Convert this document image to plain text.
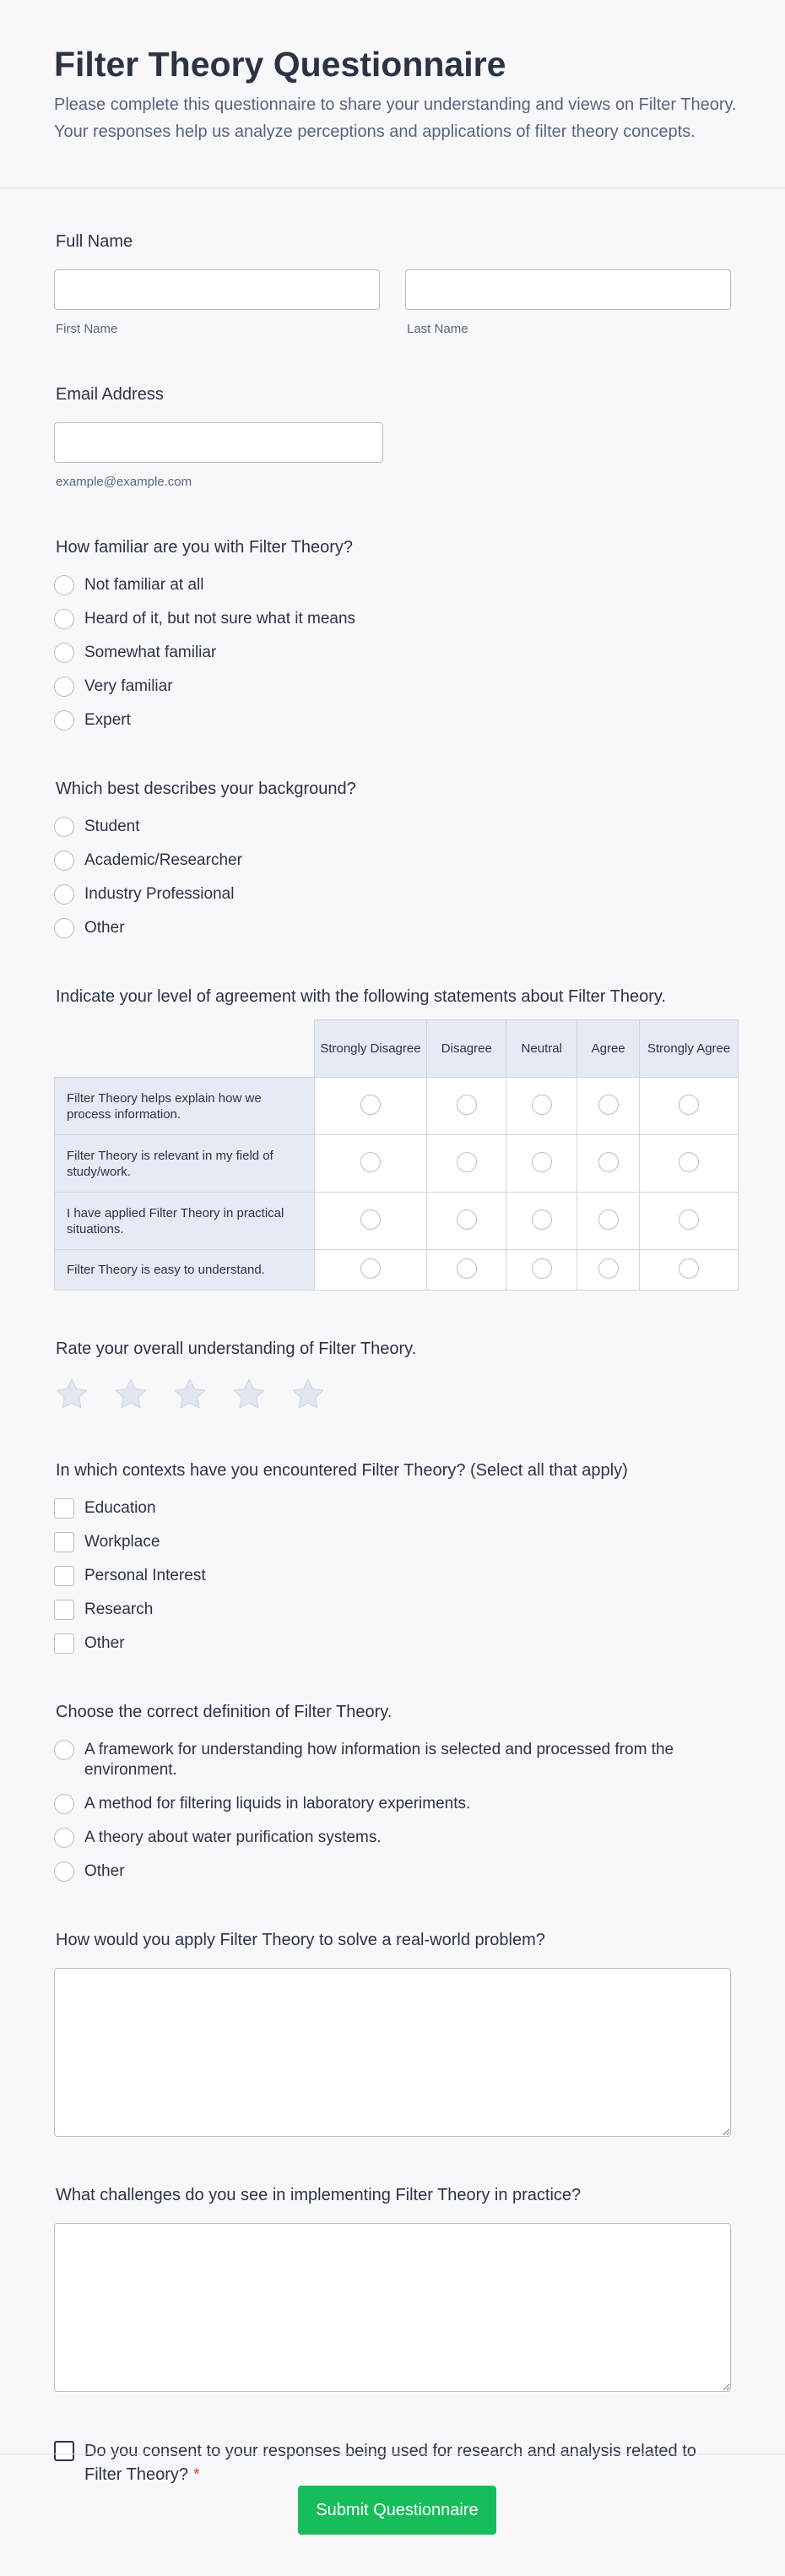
Filter Theory Questionnaire

Please complete this questionnaire to share your understanding and views on Filter Theory. Your responses help us analyze perceptions and applications of filter theory concepts.

Full Name
First Name	Last Name
Email Address
example@example.com
How familiar are you with Filter Theory?
Not familiar at all
Heard of it, but not sure what it means
Somewhat familiar
Very familiar
Expert
Which best describes your background?
Student
Academic/Researcher
Industry Professional
Other
Indicate your level of agreement with the following statements about Filter Theory.
	Strongly Disagree	Disagree	Neutral	Agree	Strongly Agree
Filter Theory helps explain how we process information.					
Filter Theory is relevant in my field of study/work.					
I have applied Filter Theory in practical situations.					
Filter Theory is easy to understand.					
Rate your overall understanding of Filter Theory.
In which contexts have you encountered Filter Theory? (Select all that apply)
Education
Workplace
Personal Interest
Research
Other
Choose the correct definition of Filter Theory.
A framework for understanding how information is selected and processed from the environment.
A method for filtering liquids in laboratory experiments.
A theory about water purification systems.
Other
How would you apply Filter Theory to solve a real-world problem?
What challenges do you see in implementing Filter Theory in practice?
Do you consent to your responses being used for research and analysis related to Filter Theory? *
Submit Questionnaire
